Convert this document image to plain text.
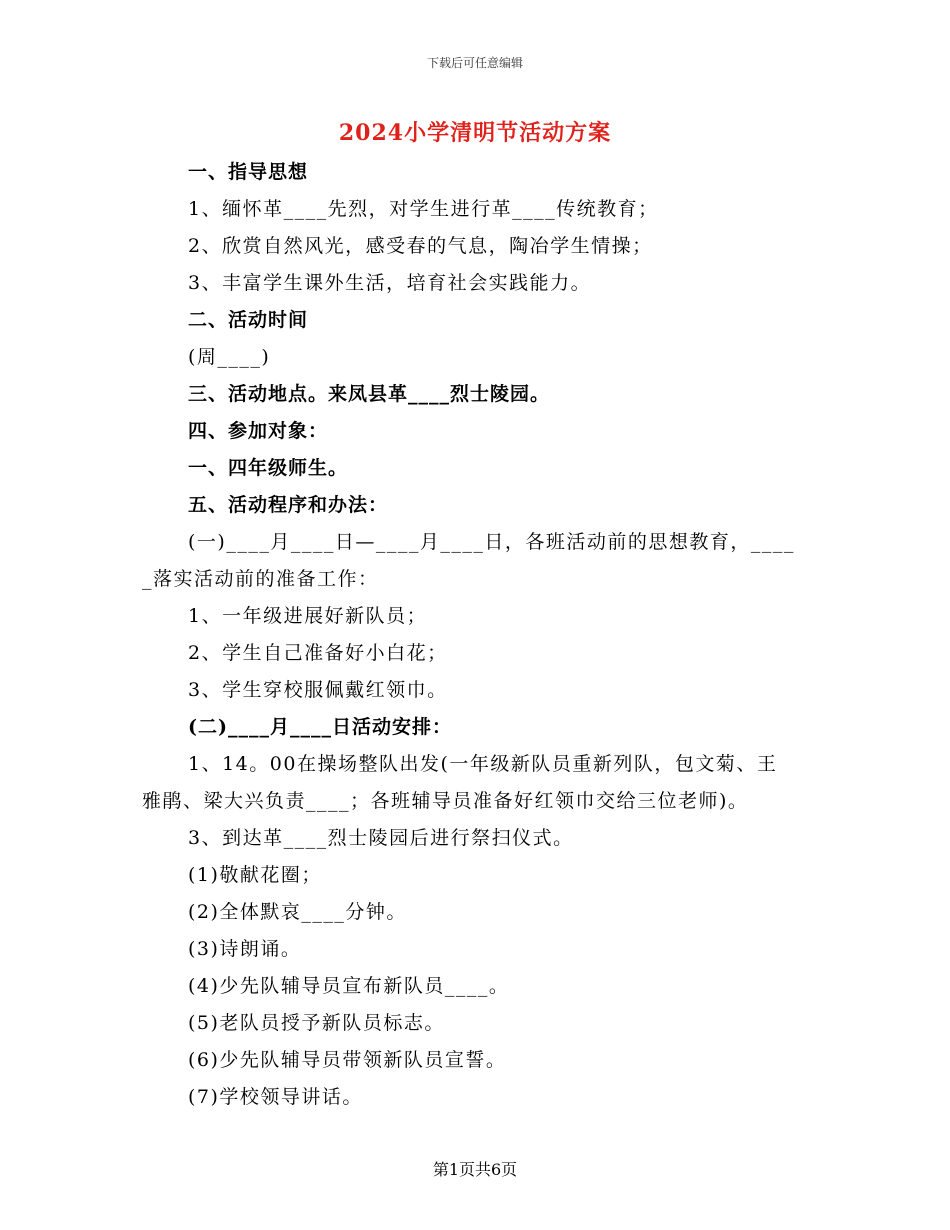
下载后可任意编辑
2024小学清明节活动方案
一、指导思想
1、缅怀革____先烈，对学生进行革____传统教育；
2、欣赏自然风光，感受春的气息，陶冶学生情操；
3、丰富学生课外生活，培育社会实践能力。
二、活动时间
(周____)
三、活动地点。来凤县革____烈士陵园。
四、参加对象：
一、四年级师生。
五、活动程序和办法：
(一)____月____日—____月____日，各班活动前的思想教育，____
_落实活动前的准备工作：
1、一年级进展好新队员；
2、学生自己准备好小白花；
3、学生穿校服佩戴红领巾。
(二)____月____日活动安排：
1、14。00在操场整队出发(一年级新队员重新列队，包文菊、王
雅鹃、梁大兴负责____；各班辅导员准备好红领巾交给三位老师)。
3、到达革____烈士陵园后进行祭扫仪式。
(1)敬献花圈；
(2)全体默哀____分钟。
(3)诗朗诵。
(4)少先队辅导员宣布新队员____。
(5)老队员授予新队员标志。
(6)少先队辅导员带领新队员宣誓。
(7)学校领导讲话。
第1页共6页
